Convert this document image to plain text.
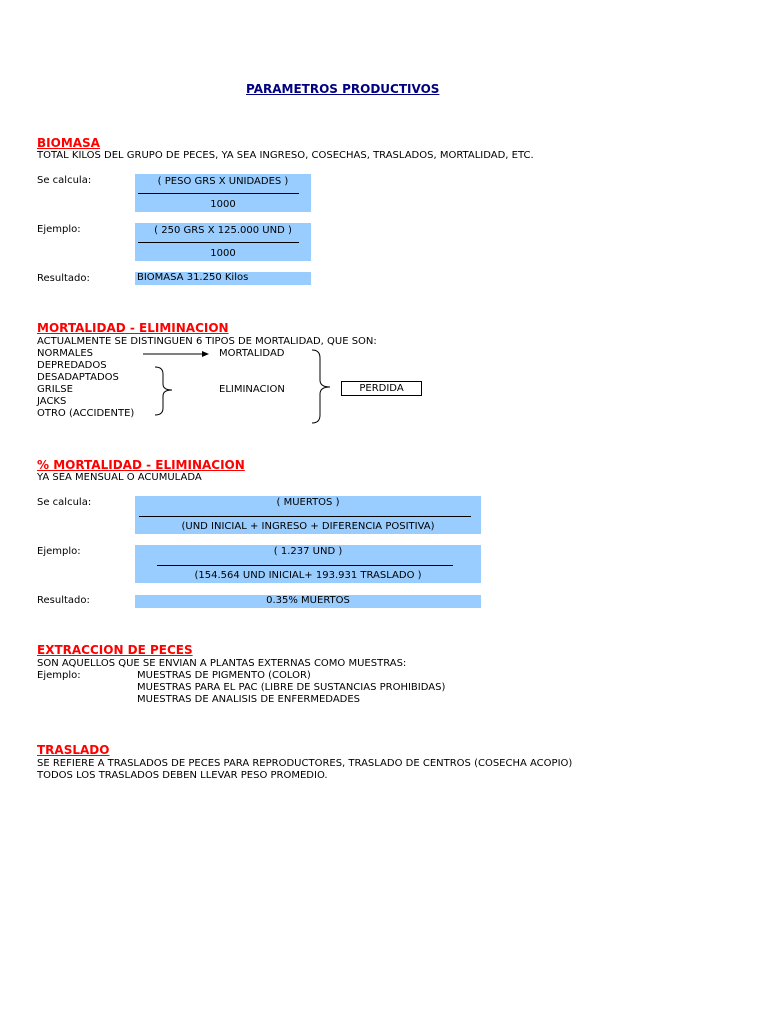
PARAMETROS PRODUCTIVOS
BIOMASA
TOTAL KILOS DEL GRUPO DE PECES, YA SEA INGRESO, COSECHAS, TRASLADOS, MORTALIDAD, ETC.
Se calcula:	( PESO GRS X UNIDADES )
1000
Ejemplo:	( 250 GRS X 125.000 UND )
1000
Resultado:	BIOMASA 31.250 Kilos
MORTALIDAD - ELIMINACION
ACTUALMENTE SE DISTINGUEN 6 TIPOS DE MORTALIDAD, QUE SON:
NORMALES
DEPREDADOS
DESADAPTADOS
GRILSE
JACKS
OTRO (ACCIDENTE)
MORTALIDAD
ELIMINACION	PERDIDA
% MORTALIDAD - ELIMINACION
YA SEA MENSUAL O ACUMULADA
Se calcula:	( MUERTOS )
(UND INICIAL + INGRESO + DIFERENCIA POSITIVA)
Ejemplo:	( 1.237 UND )
(154.564 UND INICIAL+ 193.931 TRASLADO )
Resultado:	0.35% MUERTOS
EXTRACCION DE PECES
SON AQUELLOS QUE SE ENVIAN A PLANTAS EXTERNAS COMO MUESTRAS:
Ejemplo:	MUESTRAS DE PIGMENTO (COLOR)
MUESTRAS PARA EL PAC (LIBRE DE SUSTANCIAS PROHIBIDAS)
MUESTRAS DE ANALISIS DE ENFERMEDADES
TRASLADO
SE REFIERE A TRASLADOS DE PECES PARA REPRODUCTORES, TRASLADO DE CENTROS (COSECHA ACOPIO)
TODOS LOS TRASLADOS DEBEN LLEVAR PESO PROMEDIO.
